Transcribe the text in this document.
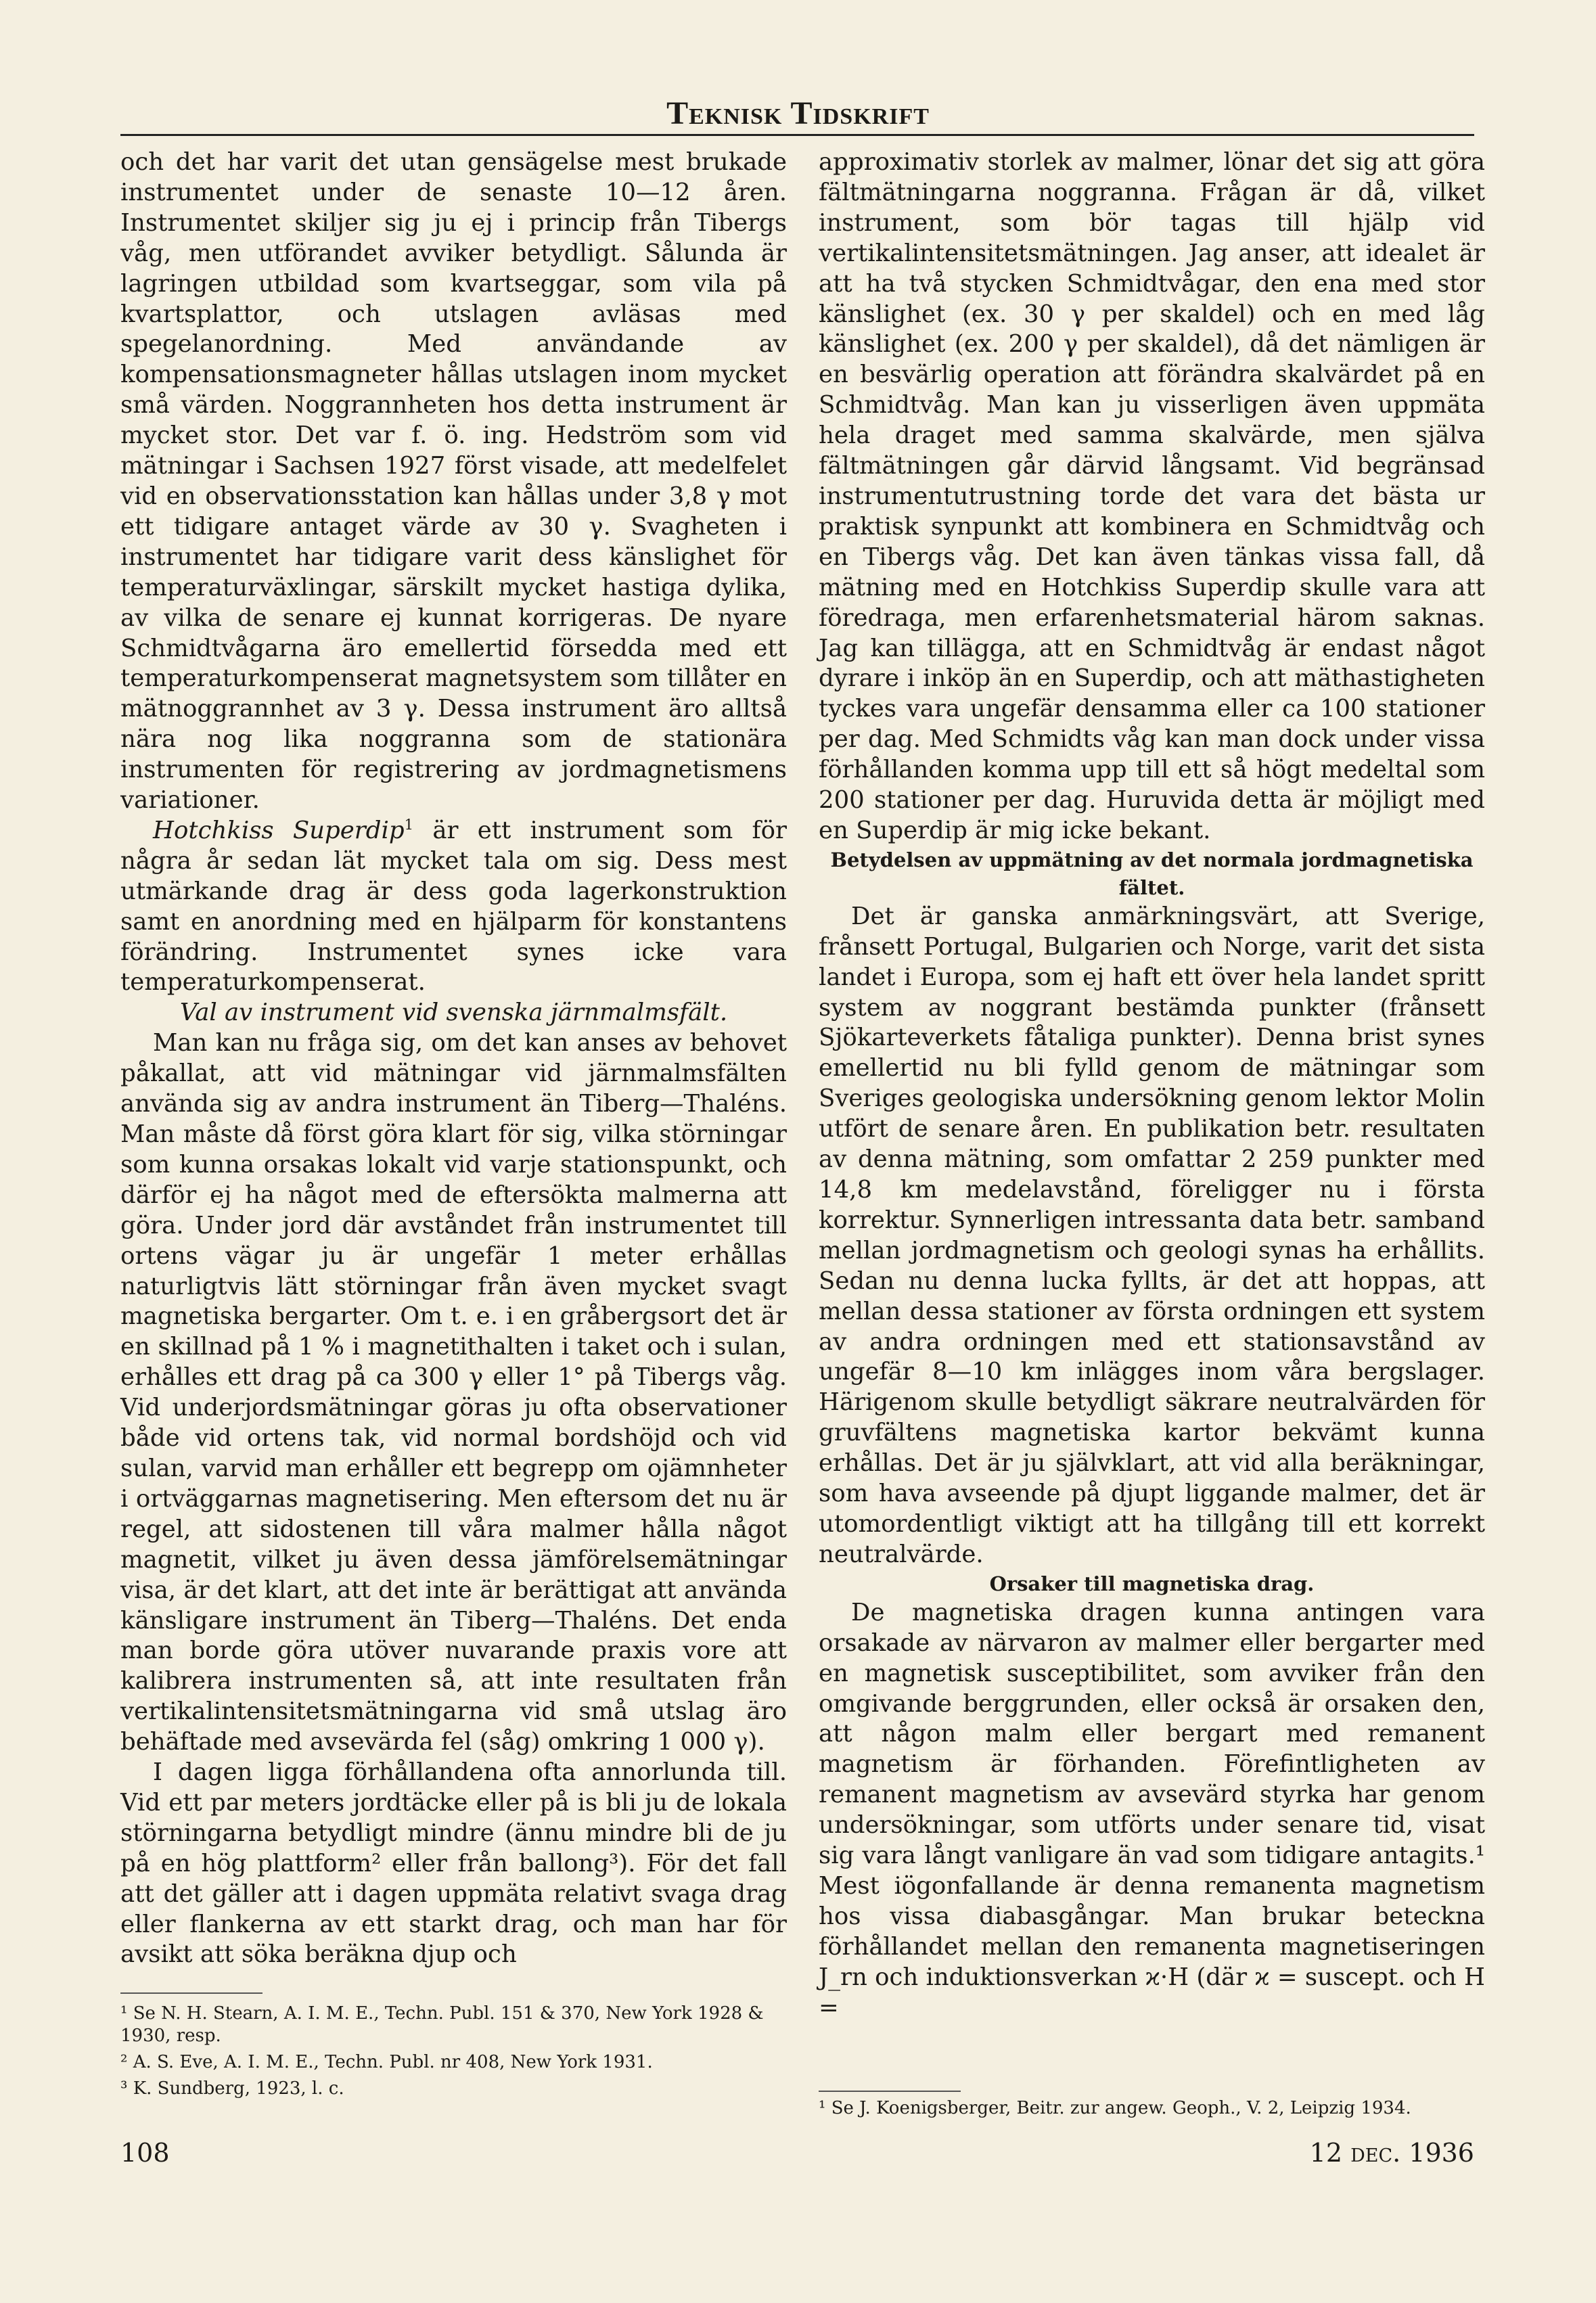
Teknisk Tidskrift

och det har varit det utan gensägelse mest brukade instrumentet under de senaste 10—12 åren. Instrumentet skiljer sig ju ej i princip från Tibergs våg, men utförandet avviker betydligt. Sålunda är lagringen utbildad som kvartseggar, som vila på kvartsplattor, och utslagen avläsas med spegelanordning. Med användande av kompensationsmagneter hållas utslagen inom mycket små värden. Noggrannheten hos detta instrument är mycket stor. Det var f. ö. ing. Hedström som vid mätningar i Sachsen 1927 först visade, att medelfelet vid en observationsstation kan hållas under 3,8 γ mot ett tidigare antaget värde av 30 γ. Svagheten i instrumentet har tidigare varit dess känslighet för temperaturväxlingar, särskilt mycket hastiga dylika, av vilka de senare ej kunnat korrigeras. De nyare Schmidtvågarna äro emellertid försedda med ett temperaturkompenserat magnetsystem som tillåter en mätnoggrannhet av 3 γ. Dessa instrument äro alltså nära nog lika noggranna som de stationära instrumenten för registrering av jordmagnetismens variationer.

Hotchkiss Superdip$^1$ är ett instrument som för några år sedan lät mycket tala om sig. Dess mest utmärkande drag är dess goda lagerkonstruktion samt en anordning med en hjälparm för konstantens förändring. Instrumentet synes icke vara temperaturkompenserat.

Val av instrument vid svenska järnmalmsfält.

Man kan nu fråga sig, om det kan anses av behovet påkallat, att vid mätningar vid järnmalmsfälten använda sig av andra instrument än Tiberg—Thaléns. Man måste då först göra klart för sig, vilka störningar som kunna orsakas lokalt vid varje stationspunkt, och därför ej ha något med de eftersökta malmerna att göra. Under jord där avståndet från instrumentet till ortens vägar ju är ungefär 1 meter erhållas naturligtvis lätt störningar från även mycket svagt magnetiska bergarter. Om t. e. i en gråbergsort det är en skillnad på 1 % i magnetithalten i taket och i sulan, erhålles ett drag på ca 300 γ eller 1° på Tibergs våg. Vid underjordsmätningar göras ju ofta observationer både vid ortens tak, vid normal bordshöjd och vid sulan, varvid man erhåller ett begrepp om ojämnheter i ortväggarnas magnetisering. Men eftersom det nu är regel, att sidostenen till våra malmer hålla något magnetit, vilket ju även dessa jämförelsemätningar visa, är det klart, att det inte är berättigat att använda känsligare instrument än Tiberg—Thaléns. Det enda man borde göra utöver nuvarande praxis vore att kalibrera instrumenten så, att inte resultaten från vertikalintensitetsmätningarna vid små utslag äro behäftade med avsevärda fel (såg) omkring 1 000 γ).

I dagen ligga förhållandena ofta annorlunda till. Vid ett par meters jordtäcke eller på is bli ju de lokala störningarna betydligt mindre (ännu mindre bli de ju på en hög plattform² eller från ballong³). För det fall att det gäller att i dagen uppmäta relativt svaga drag eller flankerna av ett starkt drag, och man har för avsikt att söka beräkna djup och

¹ Se N. H. Stearn, A. I. M. E., Techn. Publ. 151 & 370, New York 1928 & 1930, resp.

² A. S. Eve, A. I. M. E., Techn. Publ. nr 408, New York 1931.

³ K. Sundberg, 1923, l. c.

approximativ storlek av malmer, lönar det sig att göra fältmätningarna noggranna. Frågan är då, vilket instrument, som bör tagas till hjälp vid vertikalintensitetsmätningen. Jag anser, att idealet är att ha två stycken Schmidtvågar, den ena med stor känslighet (ex. 30 γ per skaldel) och en med låg känslighet (ex. 200 γ per skaldel), då det nämligen är en besvärlig operation att förändra skalvärdet på en Schmidtvåg. Man kan ju visserligen även uppmäta hela draget med samma skalvärde, men själva fältmätningen går därvid långsamt. Vid begränsad instrumentutrustning torde det vara det bästa ur praktisk synpunkt att kombinera en Schmidtvåg och en Tibergs våg. Det kan även tänkas vissa fall, då mätning med en Hotchkiss Superdip skulle vara att föredraga, men erfarenhetsmaterial härom saknas. Jag kan tillägga, att en Schmidtvåg är endast något dyrare i inköp än en Superdip, och att mäthastigheten tyckes vara ungefär densamma eller ca 100 stationer per dag. Med Schmidts våg kan man dock under vissa förhållanden komma upp till ett så högt medeltal som 200 stationer per dag. Huruvida detta är möjligt med en Superdip är mig icke bekant.

Betydelsen av uppmätning av det normala jordmagnetiska fältet.

Det är ganska anmärkningsvärt, att Sverige, frånsett Portugal, Bulgarien och Norge, varit det sista landet i Europa, som ej haft ett över hela landet spritt system av noggrant bestämda punkter (frånsett Sjökarteverkets fåtaliga punkter). Denna brist synes emellertid nu bli fylld genom de mätningar som Sveriges geologiska undersökning genom lektor Molin utfört de senare åren. En publikation betr. resultaten av denna mätning, som omfattar 2 259 punkter med 14,8 km medelavstånd, föreligger nu i första korrektur. Synnerligen intressanta data betr. samband mellan jordmagnetism och geologi synas ha erhållits. Sedan nu denna lucka fyllts, är det att hoppas, att mellan dessa stationer av första ordningen ett system av andra ordningen med ett stationsavstånd av ungefär 8—10 km inlägges inom våra bergslager. Härigenom skulle betydligt säkrare neutralvärden för gruvfältens magnetiska kartor bekvämt kunna erhållas. Det är ju självklart, att vid alla beräkningar, som hava avseende på djupt liggande malmer, det är utomordentligt viktigt att ha tillgång till ett korrekt neutralvärde.

Orsaker till magnetiska drag.

De magnetiska dragen kunna antingen vara orsakade av närvaron av malmer eller bergarter med en magnetisk susceptibilitet, som avviker från den omgivande berggrunden, eller också är orsaken den, att någon malm eller bergart med remanent magnetism är förhanden. Förefintligheten av remanent magnetism av avsevärd styrka har genom undersökningar, som utförts under senare tid, visat sig vara långt vanligare än vad som tidigare antagits.¹ Mest iögonfallande är denna remanenta magnetism hos vissa diabasgångar. Man brukar beteckna förhållandet mellan den remanenta magnetiseringen J_rn och induktionsverkan ϰ·H (där ϰ = suscept. och H =

¹ Se J. Koenigsberger, Beitr. zur angew. Geoph., V. 2, Leipzig 1934.

108	12 dec. 1936
